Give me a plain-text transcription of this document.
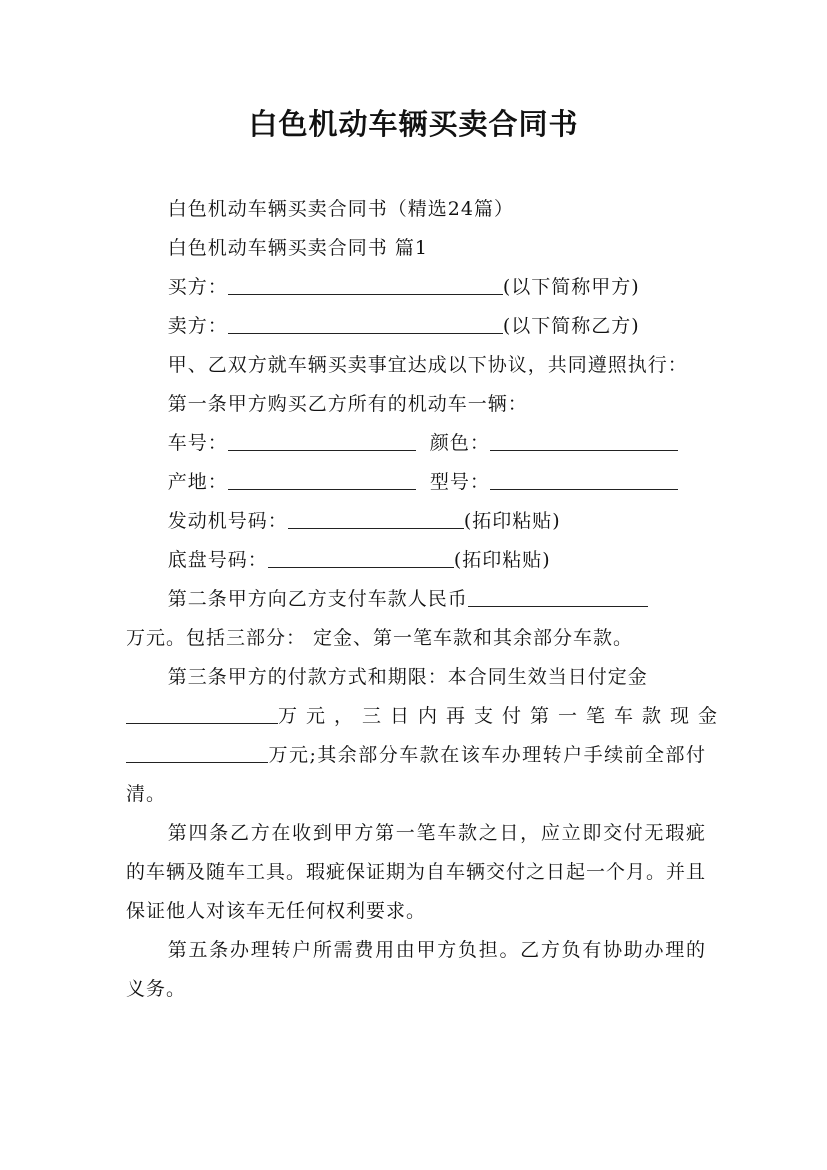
白色机动车辆买卖合同书

白色机动车辆买卖合同书（精选24篇）

白色机动车辆买卖合同书 篇1

买方：	(以下简称甲方)

卖方：	(以下简称乙方)

甲、乙双方就车辆买卖事宜达成以下协议，共同遵照执行：

第一条甲方购买乙方所有的机动车一辆：

车号：	颜色：

产地：	型号：

发动机号码：	(拓印粘贴)

底盘号码：	(拓印粘贴)

第二条甲方向乙方支付车款人民币

万元。包括三部分： 定金、第一笔车款和其余部分车款。

第三条甲方的付款方式和期限：本合同生效当日付定金

万元，三日内再支付第一笔车款现金

万元;其余部分车款在该车办理转户手续前全部付清。

第四条乙方在收到甲方第一笔车款之日，应立即交付无瑕疵的车辆及随车工具。瑕疵保证期为自车辆交付之日起一个月。并且保证他人对该车无任何权利要求。

第五条办理转户所需费用由甲方负担。乙方负有协助办理的义务。
